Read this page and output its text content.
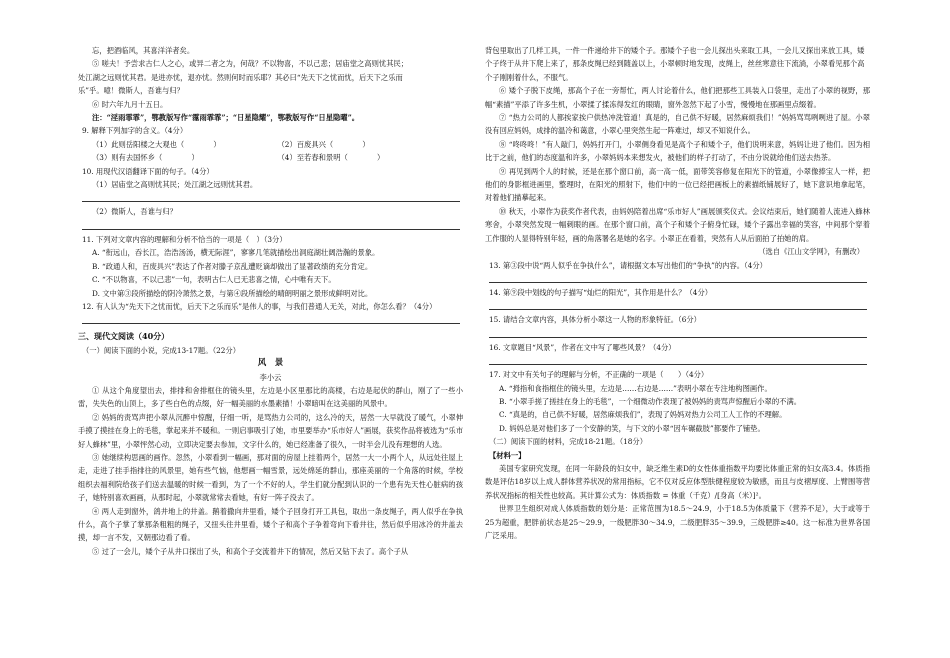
忘，把酒临风，其喜洋洋者矣。

⑤ 嗟夫！予尝求古仁人之心，或异二者之为，何哉？不以物喜，不以己悲；居庙堂之高则忧其民；

处江湖之远则忧其君。是进亦忧，退亦忧。然则何时而乐耶？其必曰“先天下之忧而忧，后天下之乐而

乐”乎。噫！微斯人，吾谁与归？

⑥ 时六年九月十五日。

注：“淫雨霏霏”，鄂教版写作“霪雨霏霏”；“日星隐耀”，鄂教版写作“日星隐曜”。

9. 解释下列加字的含义。（4分）

（1）此则岳阳楼之大观也（　　　　）	（2）百废具兴（　　　　）
（3）则有去国怀乡（　　　　）	（4）至若春和景明（　　　　）

10. 用现代汉语翻译下面的句子。（4分）

（1）居庙堂之高则忧其民；处江湖之远则忧其君。

（2）微斯人，吾谁与归？

11. 下列对文章内容的理解和分析不恰当的一项是（　）（3分）

A. “衔远山，吞长江，浩浩汤汤，横无际涯”，寥寥几笔就描绘出洞庭湖壮阔浩瀚的景象。

B. “政通人和，百废具兴”表达了作者对滕子京乱遭贬谪却做出了显著政绩的充分肯定。

C. “不以物喜，不以己悲”一句，表明古仁人已无悲喜之情，心中唯有天下。

D. 文中第③段所描绘的阴冷萧然之景，与第④段所描绘的晴朗明丽之景形成鲜明对比。

12. 有人认为“先天下之忧而忧，后天下之乐而乐”是伟人的事，与我们普通人无关，对此，你怎么看？（4分）

三、现代文阅读（40分）

（一）阅读下面的小说，完成13-17题。（22分）

风　景

李小云

① 从这个角度望出去，排排和舍排框住的镜头里，左边是小区里那比的高楼，右边是起伏的群山，刚了了一些小雷，失失色的山顶上，多了些白色的点缀，好一幅美丽的水墨素描！小翠暗叫在这美丽的风景中。

② 妈妈的责骂声把小翠从沉醉中惊醒，仔细一听，是骂热力公司的，这么冷的天，居然一大早就没了暖气，小翠伸手摸了摸挂在身上的毛毯，掌起来并不暖和。一则启事吸引了她，市里要举办“乐市好人”画展，获奖作品将被选为“乐市好人蜂林”里，小翠怦然心动，立即决定要去参加，文字什么的，她已经准备了很久，一时半会儿没有理想的人选。

③ 她继续构思画的画作。忽然，小翠看到一幅画，那对面的房屋上挂着两个，居然一大一小两个人，从远处往屋上走，走进了挂手指排往的风景里，她有些气恼，他想画一幅雪景，远处绵延的群山，那座美丽的一个角落的时候，学校组织去福利院给孩子们送去温暖的时候一看到，为了一个不好的人，学生们就分配到认识的一个患有先天性心脏病的孩子，她特别喜欢画画，从那时起，小翠就常常去看她，有好一阵子没去了。

④ 两人走到窗外，鸽井地上的井盖。鹅着撒向井里看，矮个子回身打开工具包，取出一条皮绳子，两人似乎在争执什么，高个子掌了掌那条粗粗的绳子，又扭头往井里看，矮个子和高个子争着弯向下看井往，然后似乎用冰冷的井盖去摸，却一言不发，又朝那边看了看。

⑤ 过了一会儿，矮个子从井口探出了头，和高个子交流着井下的情况，然后又钻下去了。高个子从

背包里取出了几样工具，一件一件递给井下的矮个子。那矮个子也一会儿探出头来取工具，一会儿又探出来放工具，矮个子终于从井下爬上来了，那条皮绳已经到随盖以上，小翠顿时地发现，皮绳上，丝丝寒意往下流淌，小翠看见那个高个子刚刚着什么，不服气。

⑥ 矮个子脱下皮绳，那高个子在一旁帮忙，两人讨论着什么，他们把那些工具装入口袋里，走出了小翠的视野，那幅“素描”平添了许多生机，小翠揉了揉冻得发红的眼睛，窗外忽然下起了小雪，慢慢地在那画里点缀着。

⑦ “热力公司的人都挨家挨户供热冲洗管道！真是的，自己供不好暖，居然麻烦我们！”妈妈骂骂咧咧进了屋。小翠没有回应妈妈，成排的温冷和蔼意，小翠心里突然生起一阵难过，却又不知说什么。

⑧ “咚咚咚！”有人敲门，妈妈打开门，小翠侧身看见是高个子和矮个子，他们说明来意，妈妈让进了他们。因为相比于之前，他们的态度温和许多，小翠妈妈本来想发火，被他们的样子打动了，不由分说就给他们送去热茶。

⑨ 再见到两个人的时候，还是在那个窗口前，高一高一低，面带笑容修复在阳光下的管道，小翠像捧宝人一样，把他们的身影框进画里，整理时，在阳光的照射下，他们中的一位已经把画板上的素描纸铺展好了，她下意识地拿起笔，对着他们描摹起来。

⑩ 秋天，小翠作为获奖作者代表，由妈妈陪着出席“乐市好人”画展颁奖仪式。会议结束后，她们随着人流进入蜂林寒舍，小翠突然发现一幅刺眼的画。在那个窗口前，高个子和矮个子俯身忙碌，矮个子露出幸福的笑容，中间那个穿着工作服的人显得特别年轻，画的角落署名是她的名字。小翠正在看着，突然有人从后面拍了拍她的肩。

（选自《江山文学网》，有删改）

13. 第③段中说“两人似乎在争执什么”，请根据文本写出他们的“争执”的内容。（4分）

14. 第⑨段中划线的句子描写“灿烂的阳光”，其作用是什么？（4分）

15. 请结合文章内容，具体分析小翠这一人物的形象特征。（6分）

16. 文章题目“风景”，作者在文中写了哪些风景？（4分）

17. 对文中有关句子的理解与分析，不正确的一项是（　　）（4分）

A. “拇指和食指框住的镜头里，左边是……右边是……”表明小翠在专注地构图画作。

B. “小翠手搓了搓挂在身上的毛毯”，一个细微动作表现了被妈妈的责骂声惊醒后小翠的不满。

C. “真是的，自己供不好暖，居然麻烦我们”，表现了妈妈对热力公司工人工作的不理解。

D. 妈妈总是对他们多了一个安静的笑，与下文的小翠“因车碾截肢”都要作了铺垫。

（二）阅读下面的材料，完成18-21题。（18分）

【材料一】

美国专家研究发现，在同一年龄段的妇女中，缺乏维生素D的女性体重指数平均要比体重正常的妇女高3.4。体质指数是评估18岁以上成人群体营养状况的常用指标，它不仅对反应体型肤健程度较为敏感，而且与皮褶厚度、上臂围等营养状况指标的相关性也较高。其计算公式为：体质指数 = 体重（千克）/[身高（米）]²。

世界卫生组织对成人体质指数的划分是：正常范围为18.5～24.9，小于18.5为体质量下（营养不足），大于或等于25为超重，肥胖前状态是25～29.9，一级肥胖30～34.9，二级肥胖35～39.9，三级肥胖≥40。这一标准为世界各国广泛采用。
